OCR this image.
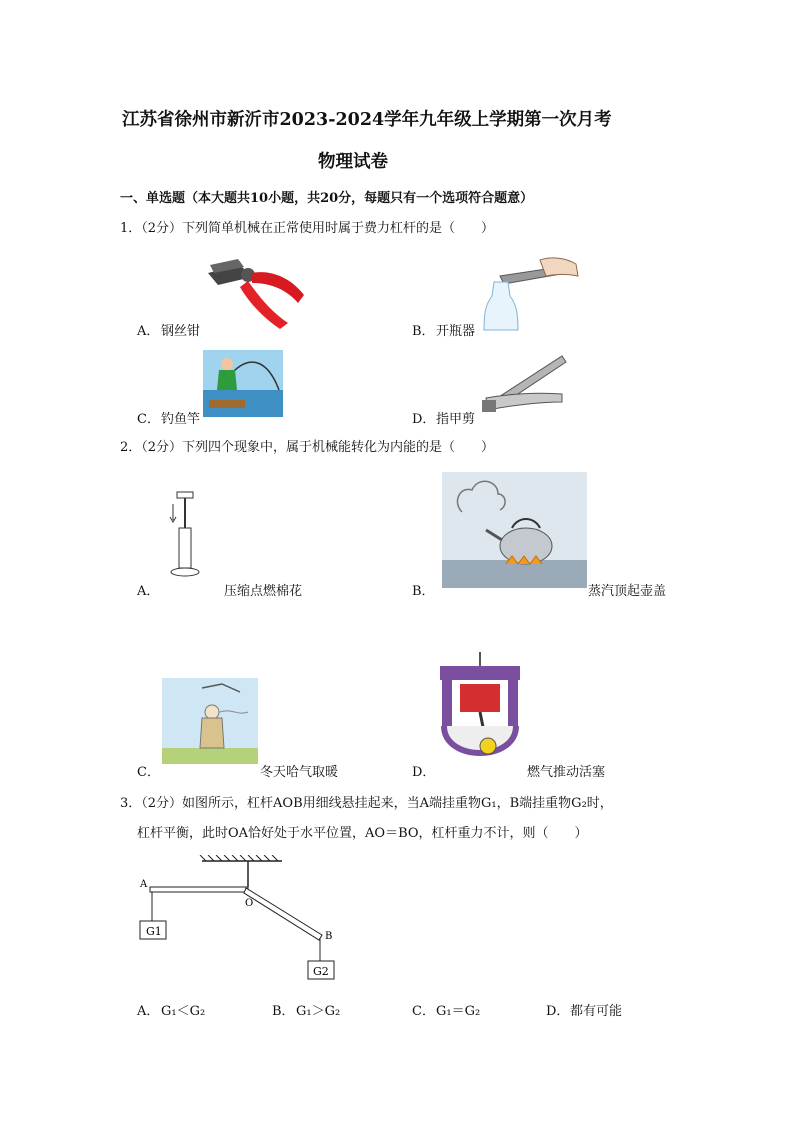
江苏省徐州市新沂市2023-2024学年九年级上学期第一次月考
物理试卷
一、单选题（本大题共10小题，共20分，每题只有一个选项符合题意）
1．（2分）下列简单机械在正常使用时属于费力杠杆的是（　　）
A． 钢丝钳	B． 开瓶器
C． 钓鱼竿	D． 指甲剪
2．（2分）下列四个现象中，属于机械能转化为内能的是（　　）
A．	压缩点燃棉花	B．	蒸汽顶起壶盖
C．	冬天哈气取暖	D．	燃气推动活塞
3．（2分）如图所示，杠杆AOB用细线悬挂起来，当A端挂重物G₁，B端挂重物G₂时，
杠杆平衡，此时OA恰好处于水平位置，AO＝BO，杠杆重力不计，则（　　）
A
O
B
G1
G2
A． G₁＜G₂	B． G₁＞G₂	C． G₁＝G₂	D． 都有可能
